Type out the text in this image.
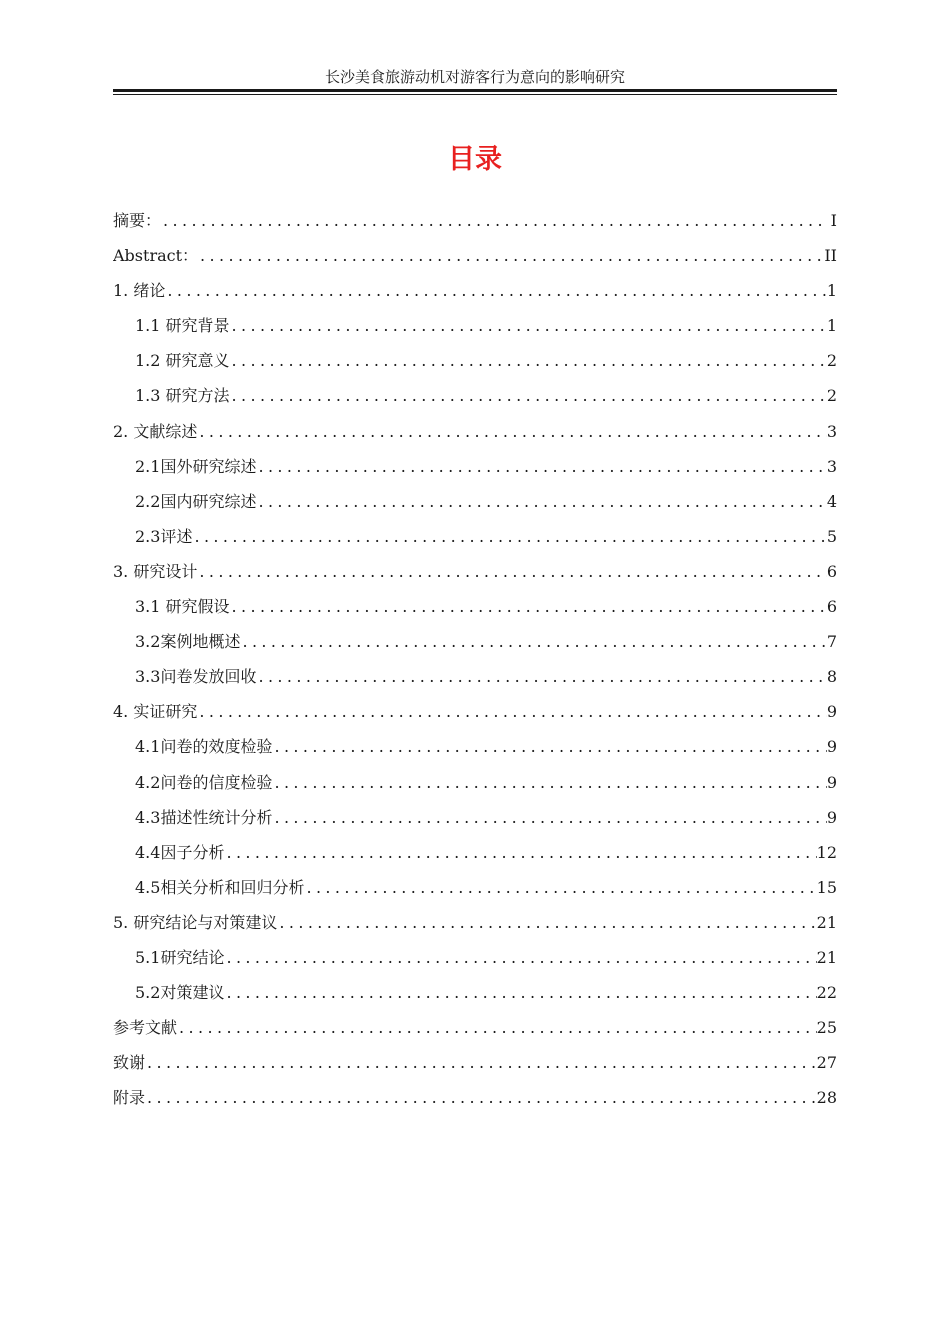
长沙美食旅游动机对游客行为意向的影响研究
目录
摘要： .....	I
Abstract： .....	II
1. 绪论 .....	1
1.1 研究背景 .....	1
1.2 研究意义 .....	2
1.3 研究方法 .....	2
2. 文献综述 .....	3
2.1国外研究综述 .....	3
2.2国内研究综述 .....	4
2.3评述 .....	5
3. 研究设计 .....	6
3.1 研究假设 .....	6
3.2案例地概述 .....	7
3.3问卷发放回收 .....	8
4. 实证研究 .....	9
4.1问卷的效度检验 .....	9
4.2问卷的信度检验 .....	9
4.3描述性统计分析 .....	9
4.4因子分析 .....	12
4.5相关分析和回归分析 .....	15
5. 研究结论与对策建议 .....	21
5.1研究结论 .....	21
5.2对策建议 .....	22
参考文献 .....	25
致谢 .....	27
附录 .....	28
